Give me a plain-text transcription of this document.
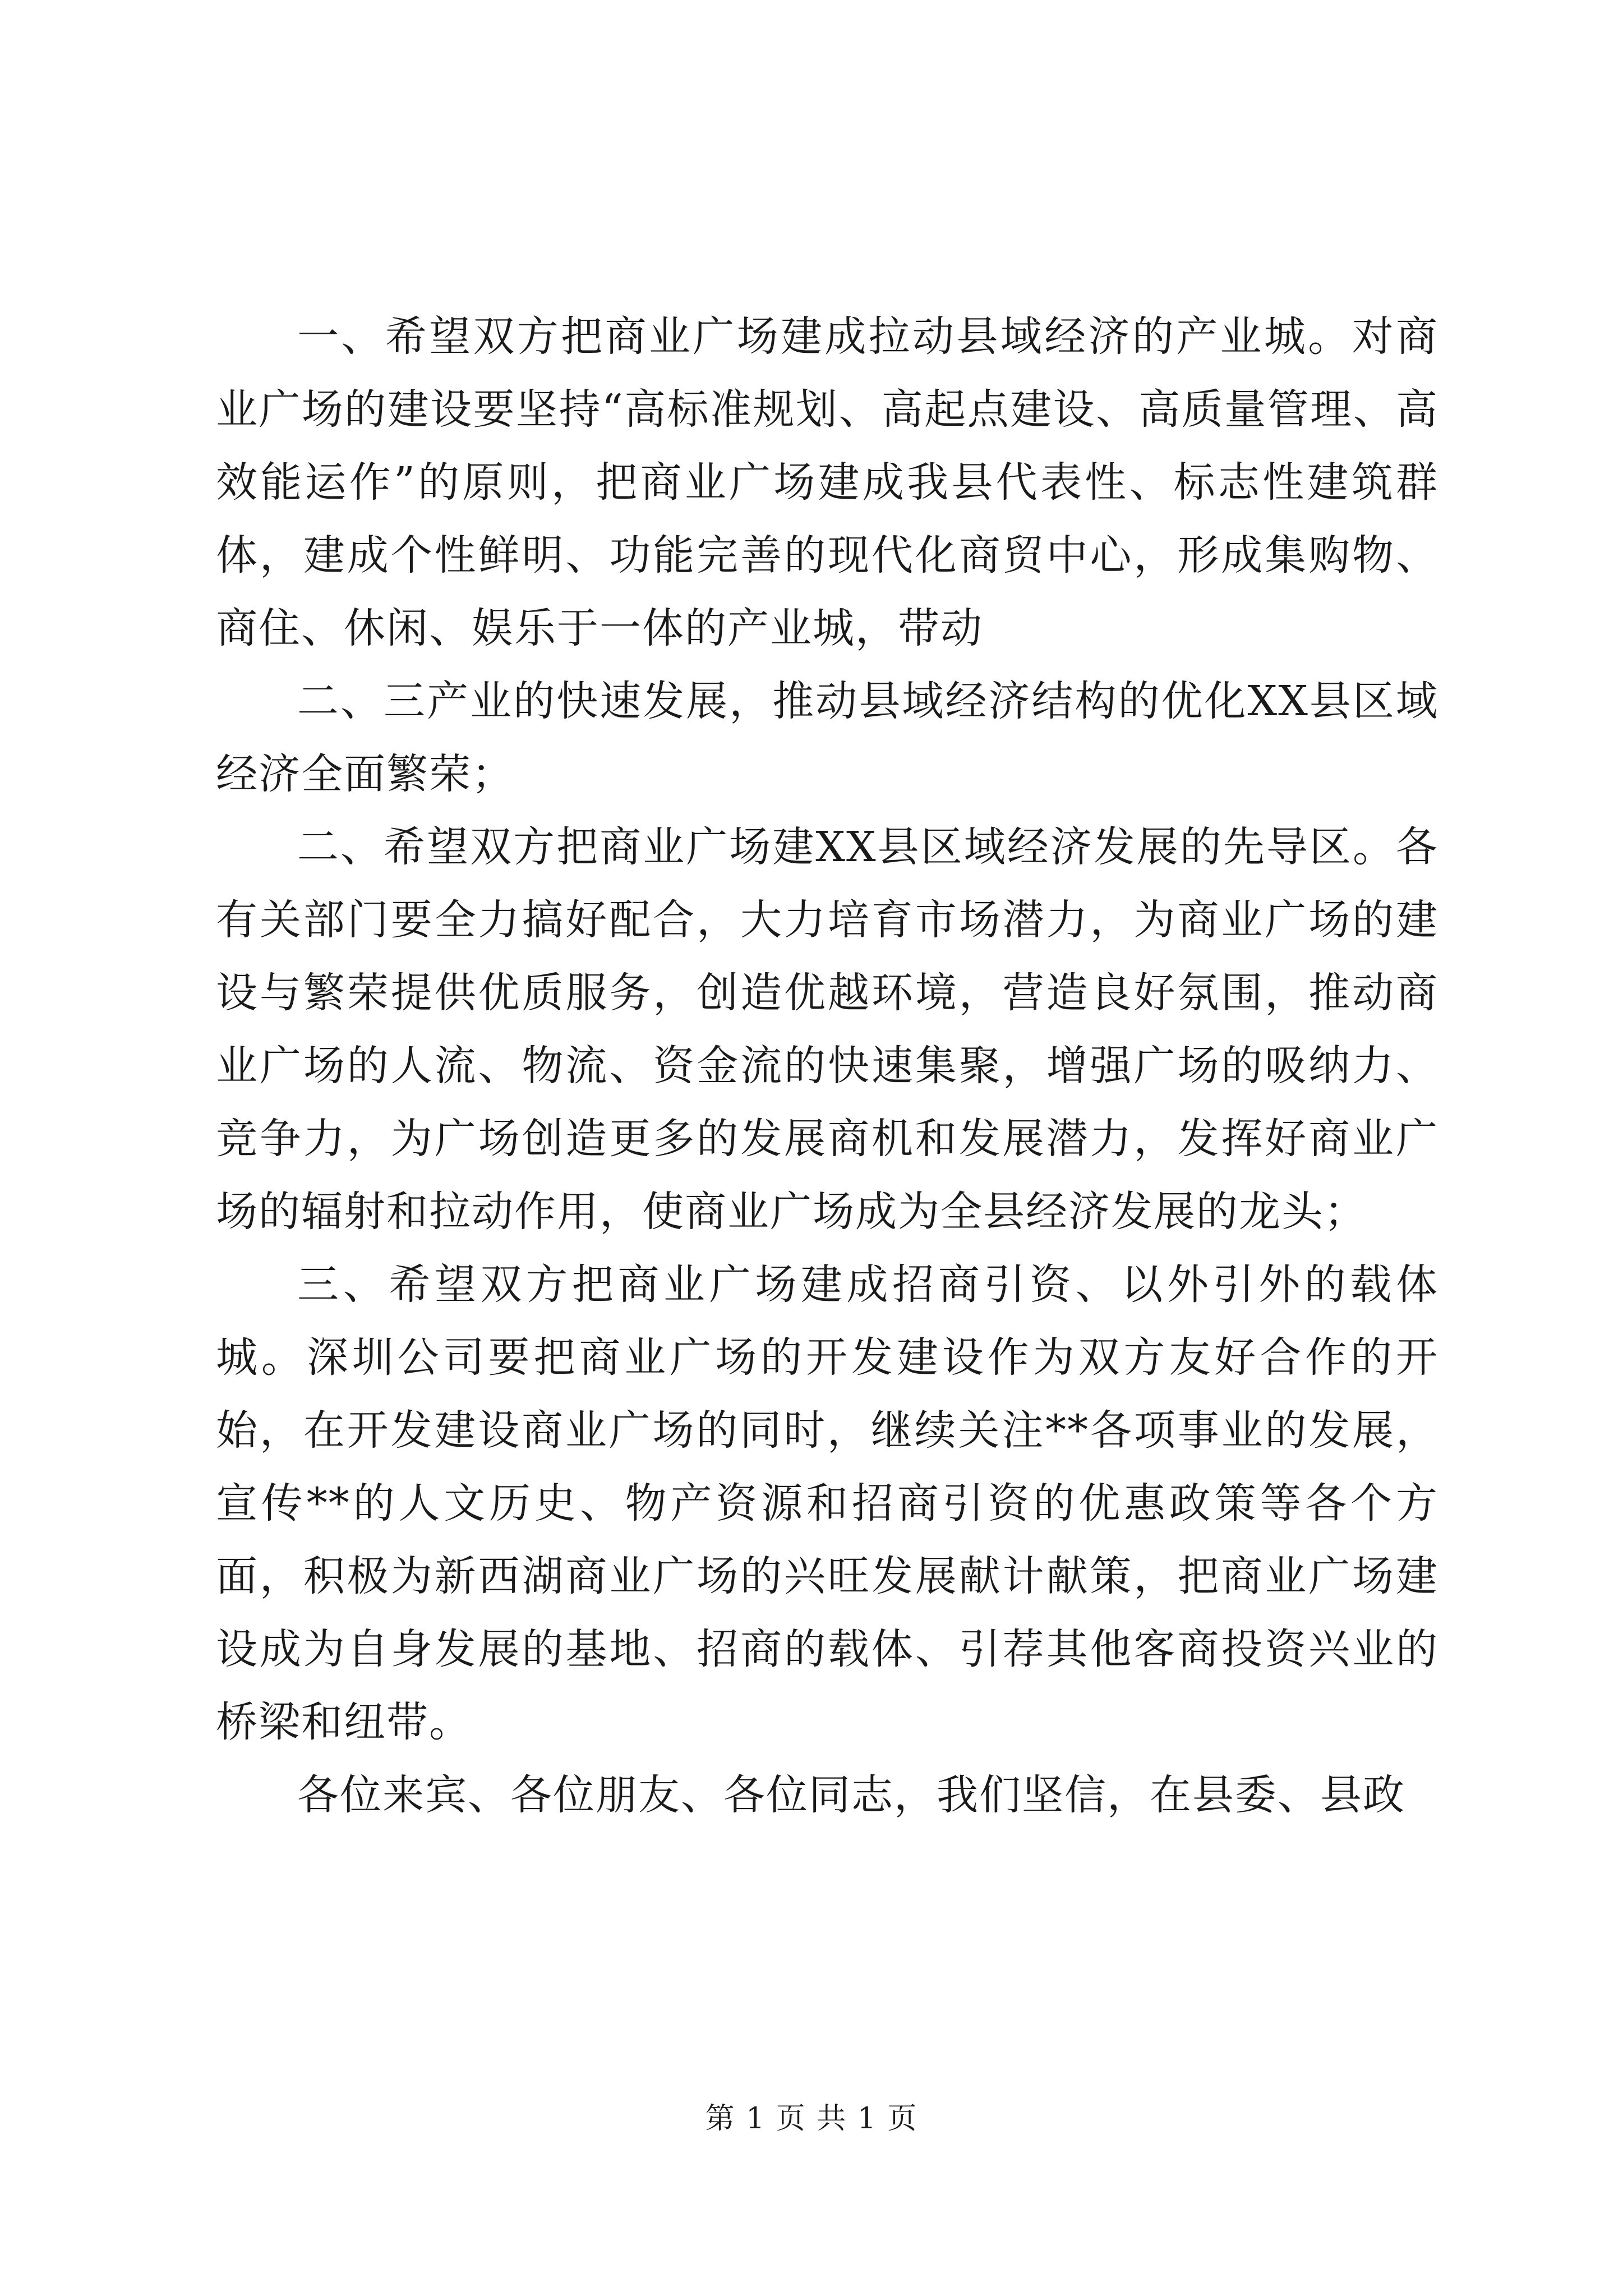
一、希望双方把商业广场建成拉动县域经济的产业城。对商业广场的建设要坚持“高标准规划、高起点建设、高质量管理、高效能运作”的原则，把商业广场建成我县代表性、标志性建筑群体，建成个性鲜明、功能完善的现代化商贸中心，形成集购物、商住、休闲、娱乐于一体的产业城，带动

二、三产业的快速发展，推动县域经济结构的优化XX县区域经济全面繁荣；

二、希望双方把商业广场建XX县区域经济发展的先导区。各有关部门要全力搞好配合，大力培育市场潜力，为商业广场的建设与繁荣提供优质服务，创造优越环境，营造良好氛围，推动商业广场的人流、物流、资金流的快速集聚，增强广场的吸纳力、竞争力，为广场创造更多的发展商机和发展潜力，发挥好商业广场的辐射和拉动作用，使商业广场成为全县经济发展的龙头；

三、希望双方把商业广场建成招商引资、以外引外的载体城。深圳公司要把商业广场的开发建设作为双方友好合作的开始，在开发建设商业广场的同时，继续关注**各项事业的发展，宣传**的人文历史、物产资源和招商引资的优惠政策等各个方面，积极为新西湖商业广场的兴旺发展献计献策，把商业广场建设成为自身发展的基地、招商的载体、引荐其他客商投资兴业的桥梁和纽带。

各位来宾、各位朋友、各位同志，我们坚信，在县委、县政

第 1 页 共 1 页
